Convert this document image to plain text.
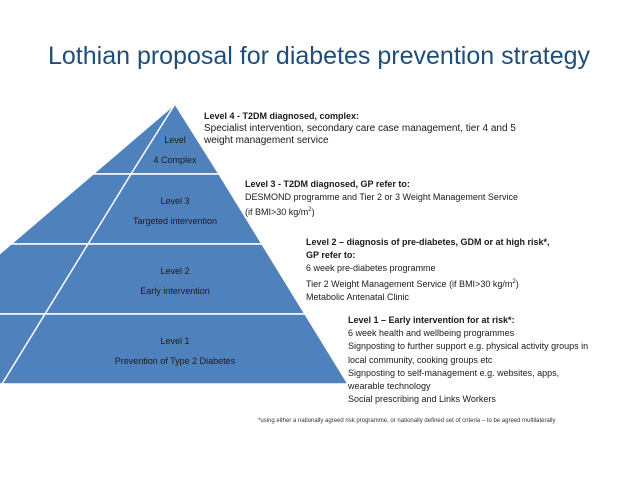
Lothian proposal for diabetes prevention strategy
Level
4 Complex
Level 3
Targeted intervention
Level 2
Early intervention
Level 1
Prevention of Type 2 Diabetes
Level 4 - T2DM diagnosed, complex:
Specialist intervention, secondary care case management, tier 4 and 5
weight management service
Level 3 - T2DM diagnosed, GP refer to:
DESMOND programme and Tier 2 or 3 Weight Management Service
(if BMI>30 $kg/m^2$)
Level 2 – diagnosis of pre-diabetes, GDM or at high risk*,
GP refer to:
6 week pre-diabetes programme
Tier 2 Weight Management Service (if BMI>30 $kg/m^2$)
Metabolic Antenatal Clinic
Level 1 – Early intervention for at risk*:
6 week health and wellbeing programmes
Signposting to further support e.g. physical activity groups in
local community, cooking groups etc
Signposting to self-management e.g. websites, apps,
wearable technology
Social prescribing and Links Workers
*using either a nationally agreed risk programme, or nationally defined set of criteria – to be agreed multilaterally
